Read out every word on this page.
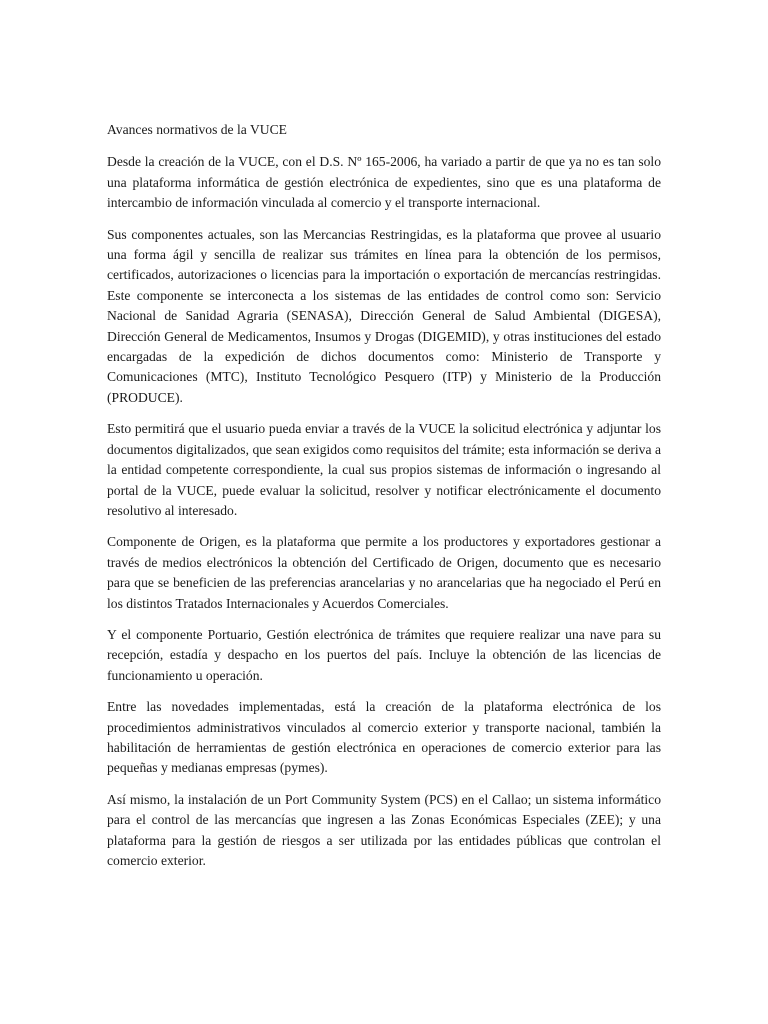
Avances normativos de la VUCE

Desde la creación de la VUCE, con el D.S. Nº 165-2006, ha variado a partir de que ya no es tan solo una plataforma informática de gestión electrónica de expedientes, sino que es una plataforma de intercambio de información vinculada al comercio y el transporte internacional.

Sus componentes actuales, son las Mercancias Restringidas, es la plataforma que provee al usuario una forma ágil y sencilla de realizar sus trámites en línea para la obtención de los permisos, certificados, autorizaciones o licencias para la importación o exportación de mercancías restringidas. Este componente se interconecta a los sistemas de las entidades de control como son: Servicio Nacional de Sanidad Agraria (SENASA), Dirección General de Salud Ambiental (DIGESA), Dirección General de Medicamentos, Insumos y Drogas (DIGEMID), y otras instituciones del estado encargadas de la expedición de dichos documentos como: Ministerio de Transporte y Comunicaciones (MTC), Instituto Tecnológico Pesquero (ITP) y Ministerio de la Producción (PRODUCE).

Esto permitirá que el usuario pueda enviar a través de la VUCE la solicitud electrónica y adjuntar los documentos digitalizados, que sean exigidos como requisitos del trámite; esta información se deriva a la entidad competente correspondiente, la cual sus propios sistemas de información o ingresando al portal de la VUCE, puede evaluar la solicitud, resolver y notificar electrónicamente el documento resolutivo al interesado.

Componente de Origen, es la plataforma que permite a los productores y exportadores gestionar a través de medios electrónicos la obtención del Certificado de Origen, documento que es necesario para que se beneficien de las preferencias arancelarias y no arancelarias que ha negociado el Perú en los distintos Tratados Internacionales y Acuerdos Comerciales.

Y el componente Portuario, Gestión electrónica de trámites que requiere realizar una nave para su recepción, estadía y despacho en los puertos del país. Incluye la obtención de las licencias de funcionamiento u operación.

Entre las novedades implementadas, está la creación de la plataforma electrónica de los procedimientos administrativos vinculados al comercio exterior y transporte nacional, también la habilitación de herramientas de gestión electrónica en operaciones de comercio exterior para las pequeñas y medianas empresas (pymes).

Así mismo, la instalación de un Port Community System (PCS) en el Callao; un sistema informático para el control de las mercancías que ingresen a las Zonas Económicas Especiales (ZEE); y una plataforma para la gestión de riesgos a ser utilizada por las entidades públicas que controlan el comercio exterior.
